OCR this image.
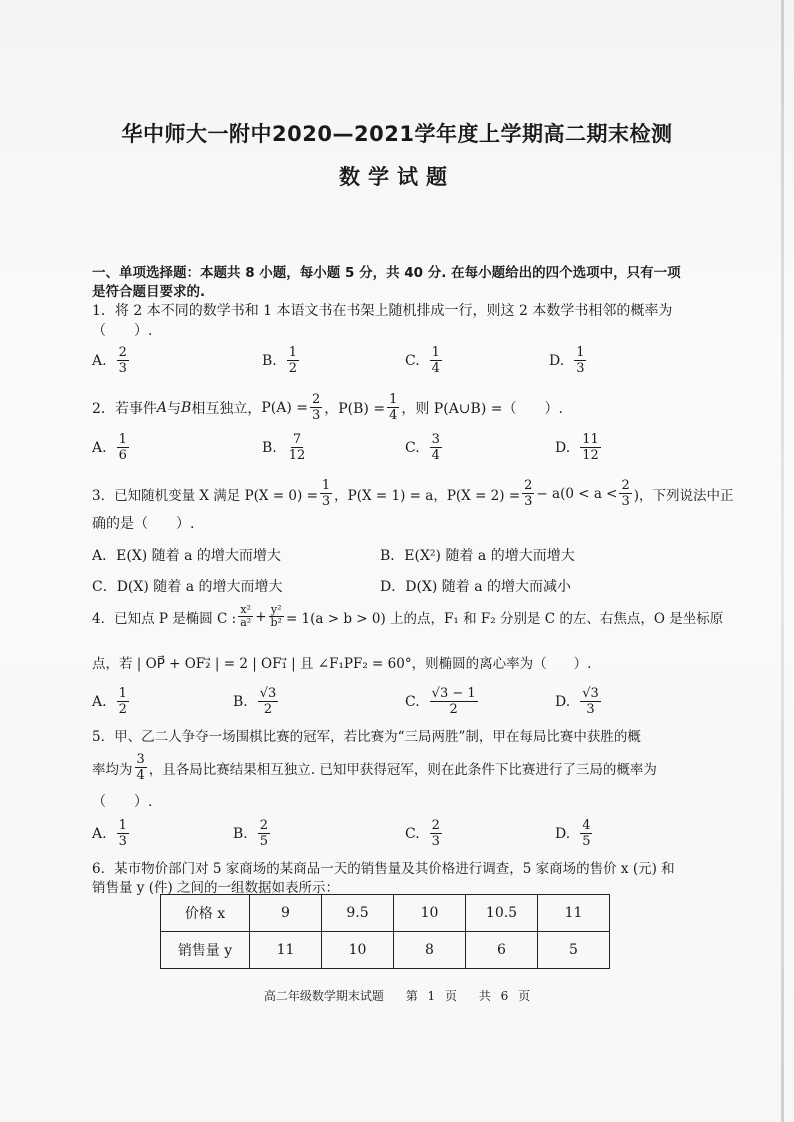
华中师大一附中2020—2021学年度上学期高二期末检测
数学试题
一、单项选择题：本题共 8 小题，每小题 5 分，共 40 分. 在每小题给出的四个选项中，只有一项
是符合题目要求的.
1．将 2 本不同的数学书和 1 本语文书在书架上随机排成一行，则这 2 本数学书相邻的概率为
（　　）.
A. $\frac{2}{3}$	B. $\frac{1}{2}$	C. $\frac{1}{4}$	D. $\frac{1}{3}$
2．若事件 A 与 B 相互独立， $P(A) = \frac{2}{3}$ ，$P(B) = \frac{1}{4}$ ，则 P(A∪B) =（　　）.
A. $\frac{1}{6}$	B. $\frac{7}{12}$	C. $\frac{3}{4}$	D. $\frac{11}{12}$
3．已知随机变量 X 满足 $P(X = 0) = \frac{1}{3}$ ，P(X = 1) = a，$P(X = 2) = \frac{2}{3} - a(0 < a < \frac{2}{3}$ )，下列说法中正
确的是（　　）.
A．E(X) 随着 a 的增大而增大	B．E(X²) 随着 a 的增大而增大
C．D(X) 随着 a 的增大而增大	D．D(X) 随着 a 的增大而减小
4．已知点 P 是椭圆 C : $\frac{\text{x²}}{\text{a²}} + \frac{\text{y²}}{\text{b²}} = 1(a > b > 0)$ 上的点，F₁ 和 F₂ 分别是 C 的左、右焦点，O 是坐标原
点，若 | OP⃗ + OF₂⃗ | = 2 | OF₁⃗ | 且 ∠F₁PF₂ = 60°，则椭圆的离心率为（　　）.
A. $\frac{1}{2}$	B. $\frac{√3}{2}$	C. $\frac{√3 - 1}{2}$	D. $\frac{√3}{3}$
5．甲、乙二人争夺一场围棋比赛的冠军，若比赛为“三局两胜”制，甲在每局比赛中获胜的概
率均为 $\frac{3}{4}$ ，且各局比赛结果相互独立. 已知甲获得冠军，则在此条件下比赛进行了三局的概率为
（　　）.
A. $\frac{1}{3}$	B. $\frac{2}{5}$	C. $\frac{2}{3}$	D. $\frac{4}{5}$
6．某市物价部门对 5 家商场的某商品一天的销售量及其价格进行调查，5 家商场的售价 x (元) 和
销售量 y (件) 之间的一组数据如表所示：
价格 x	9	9.5	10	10.5	11
销售量 y	11	10	8	6	5
高二年级数学期末试题 第 1 页 共 6 页
